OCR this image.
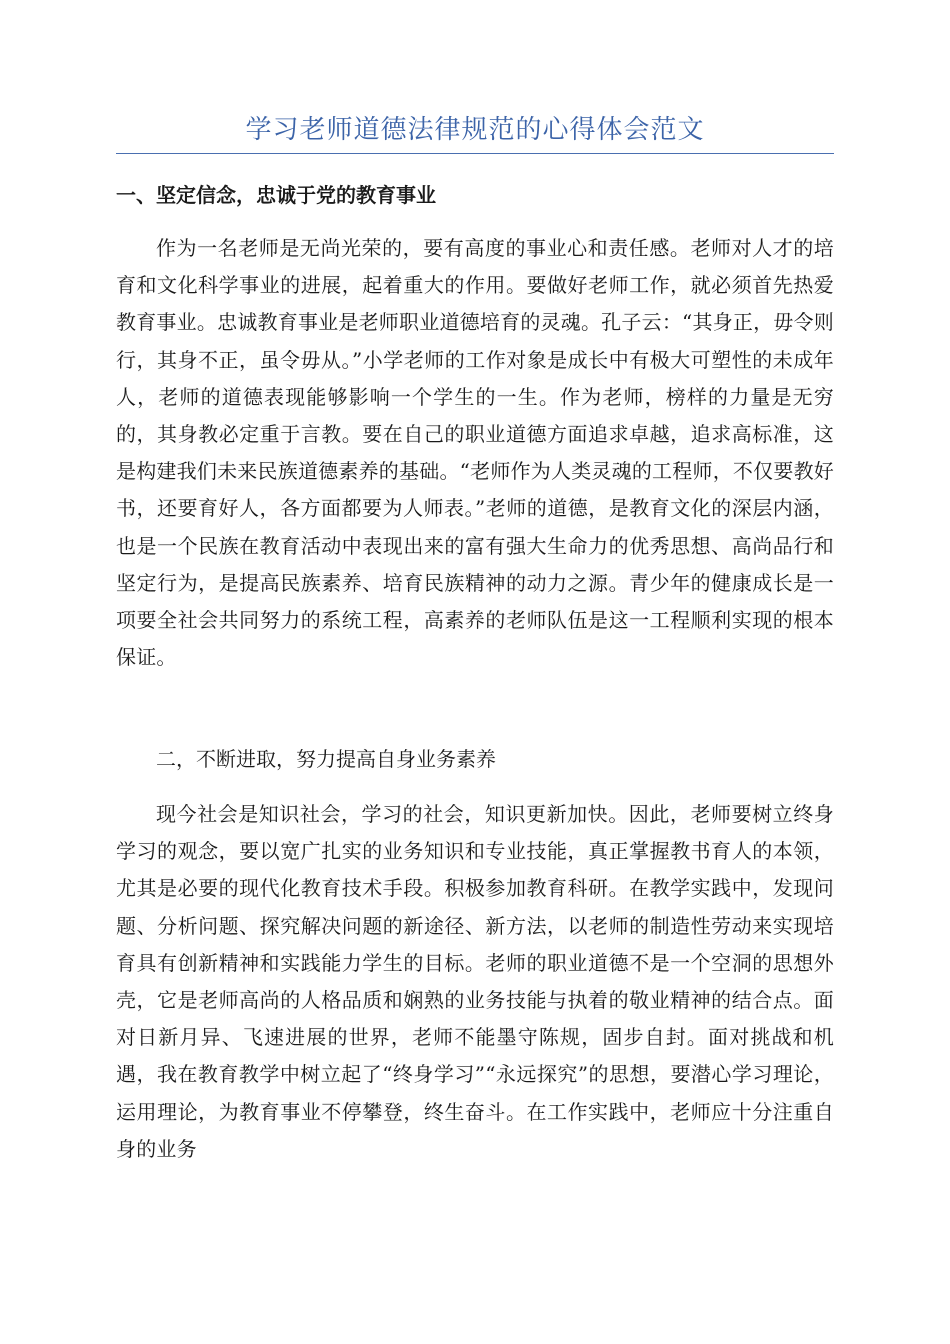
学习老师道德法律规范的心得体会范文

一、坚定信念，忠诚于党的教育事业

作为一名老师是无尚光荣的，要有高度的事业心和责任感。老师对人才的培育和文化科学事业的进展，起着重大的作用。要做好老师工作，就必须首先热爱教育事业。忠诚教育事业是老师职业道德培育的灵魂。孔子云：“其身正，毋令则行，其身不正，虽令毋从。”小学老师的工作对象是成长中有极大可塑性的未成年人，老师的道德表现能够影响一个学生的一生。作为老师，榜样的力量是无穷的，其身教必定重于言教。要在自己的职业道德方面追求卓越，追求高标准，这是构建我们未来民族道德素养的基础。“老师作为人类灵魂的工程师，不仅要教好书，还要育好人，各方面都要为人师表。”老师的道德，是教育文化的深层内涵，也是一个民族在教育活动中表现出来的富有强大生命力的优秀思想、高尚品行和坚定行为，是提高民族素养、培育民族精神的动力之源。青少年的健康成长是一项要全社会共同努力的系统工程，高素养的老师队伍是这一工程顺利实现的根本保证。

二，不断进取，努力提高自身业务素养

现今社会是知识社会，学习的社会，知识更新加快。因此，老师要树立终身学习的观念，要以宽广扎实的业务知识和专业技能，真正掌握教书育人的本领，尤其是必要的现代化教育技术手段。积极参加教育科研。在教学实践中，发现问题、分析问题、探究解决问题的新途径、新方法，以老师的制造性劳动来实现培育具有创新精神和实践能力学生的目标。老师的职业道德不是一个空洞的思想外壳，它是老师高尚的人格品质和娴熟的业务技能与执着的敬业精神的结合点。面对日新月异、飞速进展的世界，老师不能墨守陈规，固步自封。面对挑战和机遇，我在教育教学中树立起了“终身学习”“永远探究”的思想，要潜心学习理论，运用理论，为教育事业不停攀登，终生奋斗。在工作实践中，老师应十分注重自身的业务
